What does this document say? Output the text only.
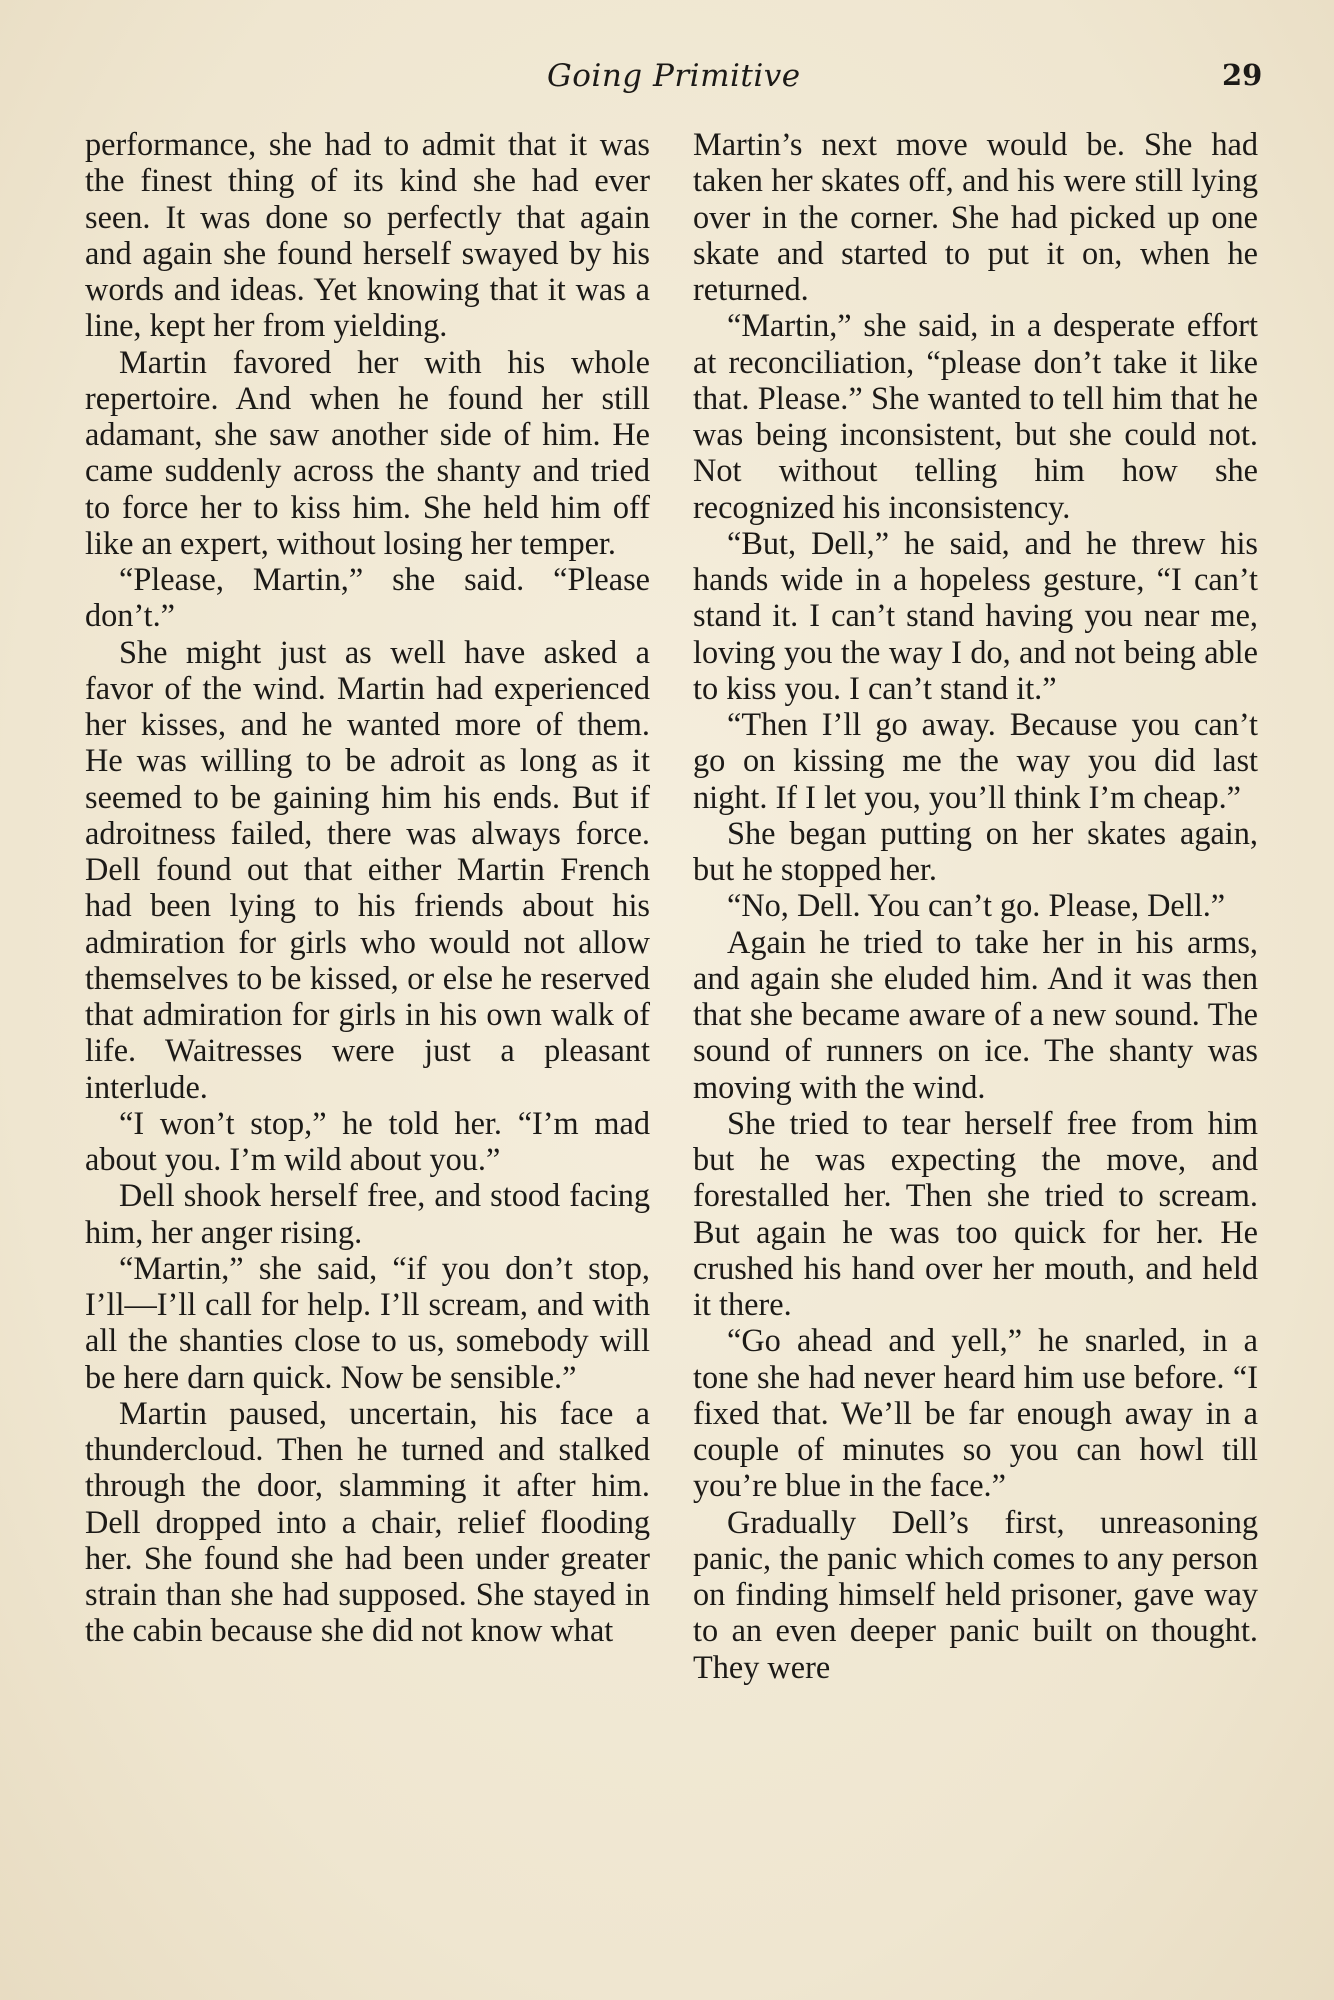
Going Primitive	29

performance, she had to admit that it was the finest thing of its kind she had ever seen. It was done so perfectly that again and again she found herself swayed by his words and ideas. Yet knowing that it was a line, kept her from yielding.

Martin favored her with his whole repertoire. And when he found her still adamant, she saw another side of him. He came suddenly across the shanty and tried to force her to kiss him. She held him off like an expert, without losing her temper.

“Please, Martin,” she said. “Please don’t.”

She might just as well have asked a favor of the wind. Martin had experienced her kisses, and he wanted more of them. He was willing to be adroit as long as it seemed to be gaining him his ends. But if adroitness failed, there was always force. Dell found out that either Martin French had been lying to his friends about his admiration for girls who would not allow themselves to be kissed, or else he reserved that admiration for girls in his own walk of life. Waitresses were just a pleasant interlude.

“I won’t stop,” he told her. “I’m mad about you. I’m wild about you.”

Dell shook herself free, and stood facing him, her anger rising.

“Martin,” she said, “if you don’t stop, I’ll—I’ll call for help. I’ll scream, and with all the shanties close to us, somebody will be here darn quick. Now be sensible.”

Martin paused, uncertain, his face a thundercloud. Then he turned and stalked through the door, slamming it after him. Dell dropped into a chair, relief flooding her. She found she had been under greater strain than she had supposed. She stayed in the cabin because she did not know what

Martin’s next move would be. She had taken her skates off, and his were still lying over in the corner. She had picked up one skate and started to put it on, when he returned.

“Martin,” she said, in a desperate effort at reconciliation, “please don’t take it like that. Please.” She wanted to tell him that he was being inconsistent, but she could not. Not without telling him how she recognized his inconsistency.

“But, Dell,” he said, and he threw his hands wide in a hopeless gesture, “I can’t stand it. I can’t stand having you near me, loving you the way I do, and not being able to kiss you. I can’t stand it.”

“Then I’ll go away. Because you can’t go on kissing me the way you did last night. If I let you, you’ll think I’m cheap.”

She began putting on her skates again, but he stopped her.

“No, Dell. You can’t go. Please, Dell.”

Again he tried to take her in his arms, and again she eluded him. And it was then that she became aware of a new sound. The sound of runners on ice. The shanty was moving with the wind.

She tried to tear herself free from him but he was expecting the move, and forestalled her. Then she tried to scream. But again he was too quick for her. He crushed his hand over her mouth, and held it there.

“Go ahead and yell,” he snarled, in a tone she had never heard him use before. “I fixed that. We’ll be far enough away in a couple of minutes so you can howl till you’re blue in the face.”

Gradually Dell’s first, unreasoning panic, the panic which comes to any person on finding himself held prisoner, gave way to an even deeper panic built on thought. They were
